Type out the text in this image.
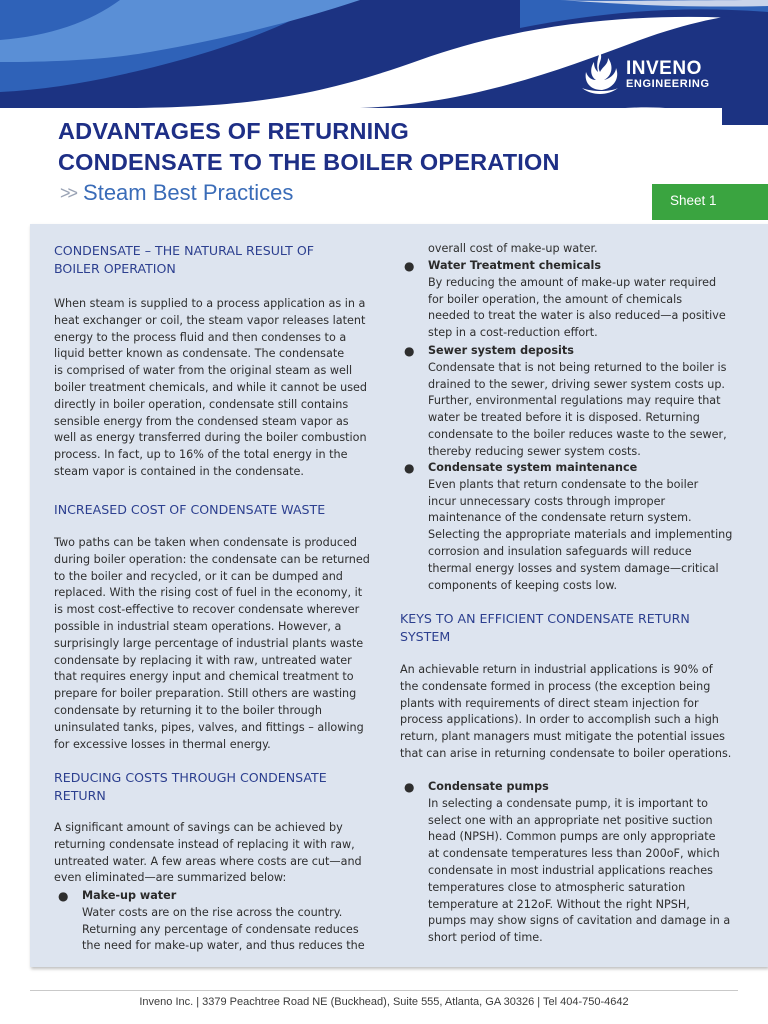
INVENO
ENGINEERING
ADVANTAGES OF RETURNING
CONDENSATE TO THE BOILER OPERATION
>> Steam Best Practices	Sheet 1
CONDENSATE – THE NATURAL RESULT OF
BOILER OPERATION
When steam is supplied to a process application as in a
heat exchanger or coil, the steam vapor releases latent
energy to the process fluid and then condenses to a
liquid better known as condensate. The condensate
is comprised of water from the original steam as well
boiler treatment chemicals, and while it cannot be used
directly in boiler operation, condensate still contains
sensible energy from the condensed steam vapor as
well as energy transferred during the boiler combustion
process. In fact, up to 16% of the total energy in the
steam vapor is contained in the condensate.
INCREASED COST OF CONDENSATE WASTE
Two paths can be taken when condensate is produced
during boiler operation: the condensate can be returned
to the boiler and recycled, or it can be dumped and
replaced. With the rising cost of fuel in the economy, it
is most cost-effective to recover condensate wherever
possible in industrial steam operations. However, a
surprisingly large percentage of industrial plants waste
condensate by replacing it with raw, untreated water
that requires energy input and chemical treatment to
prepare for boiler preparation. Still others are wasting
condensate by returning it to the boiler through
uninsulated tanks, pipes, valves, and fittings – allowing
for excessive losses in thermal energy.
REDUCING COSTS THROUGH CONDENSATE
RETURN
A significant amount of savings can be achieved by
returning condensate instead of replacing it with raw,
untreated water. A few areas where costs are cut—and
even eliminated—are summarized below:
● Make-up water
Water costs are on the rise across the country.
Returning any percentage of condensate reduces
the need for make-up water, and thus reduces the
overall cost of make-up water.
● Water Treatment chemicals
By reducing the amount of make-up water required
for boiler operation, the amount of chemicals
needed to treat the water is also reduced—a positive
step in a cost-reduction effort.
● Sewer system deposits
Condensate that is not being returned to the boiler is
drained to the sewer, driving sewer system costs up.
Further, environmental regulations may require that
water be treated before it is disposed. Returning
condensate to the boiler reduces waste to the sewer,
thereby reducing sewer system costs.
● Condensate system maintenance
Even plants that return condensate to the boiler
incur unnecessary costs through improper
maintenance of the condensate return system.
Selecting the appropriate materials and implementing
corrosion and insulation safeguards will reduce
thermal energy losses and system damage—critical
components of keeping costs low.
KEYS TO AN EFFICIENT CONDENSATE RETURN
SYSTEM
An achievable return in industrial applications is 90% of
the condensate formed in process (the exception being
plants with requirements of direct steam injection for
process applications). In order to accomplish such a high
return, plant managers must mitigate the potential issues
that can arise in returning condensate to boiler operations.
● Condensate pumps
In selecting a condensate pump, it is important to
select one with an appropriate net positive suction
head (NPSH). Common pumps are only appropriate
at condensate temperatures less than 200oF, which
condensate in most industrial applications reaches
temperatures close to atmospheric saturation
temperature at 212oF. Without the right NPSH,
pumps may show signs of cavitation and damage in a
short period of time.
Inveno Inc. | 3379 Peachtree Road NE (Buckhead), Suite 555, Atlanta, GA 30326 | Tel 404-750-4642
